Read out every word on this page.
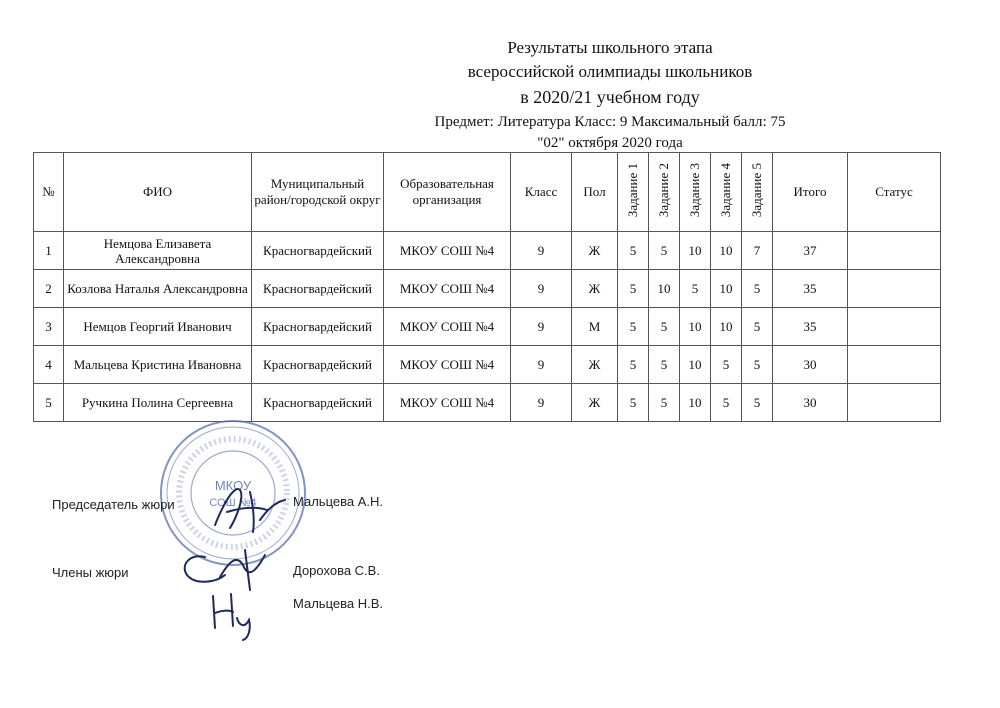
Результаты школьного этапа
всероссийской олимпиады школьников
в 2020/21 учебном году
Предмет: Литература Класс: 9 Максимальный балл: 75
"02" октября 2020 года
№	ФИО	Муниципальный район/городской округ	Образовательная организация	Класс	Пол	Задание 1	Задание 2	Задание 3	Задание 4	Задание 5	Итого	Статус
1	Немцова Елизавета Александровна	Красногвардейский	МКОУ СОШ №4	9	Ж	5	5	10	10	7	37	
2	Козлова Наталья Александровна	Красногвардейский	МКОУ СОШ №4	9	Ж	5	10	5	10	5	35	
3	Немцов Георгий Иванович	Красногвардейский	МКОУ СОШ №4	9	М	5	5	10	10	5	35	
4	Мальцева Кристина Ивановна	Красногвардейский	МКОУ СОШ №4	9	Ж	5	5	10	5	5	30	
5	Ручкина Полина Сергеевна	Красногвардейский	МКОУ СОШ №4	9	Ж	5	5	10	5	5	30	
МКОУ
СОШ №4
Председатель жюри	Мальцева А.Н.
Члены жюри	Дорохова С.В.
Мальцева Н.В.
